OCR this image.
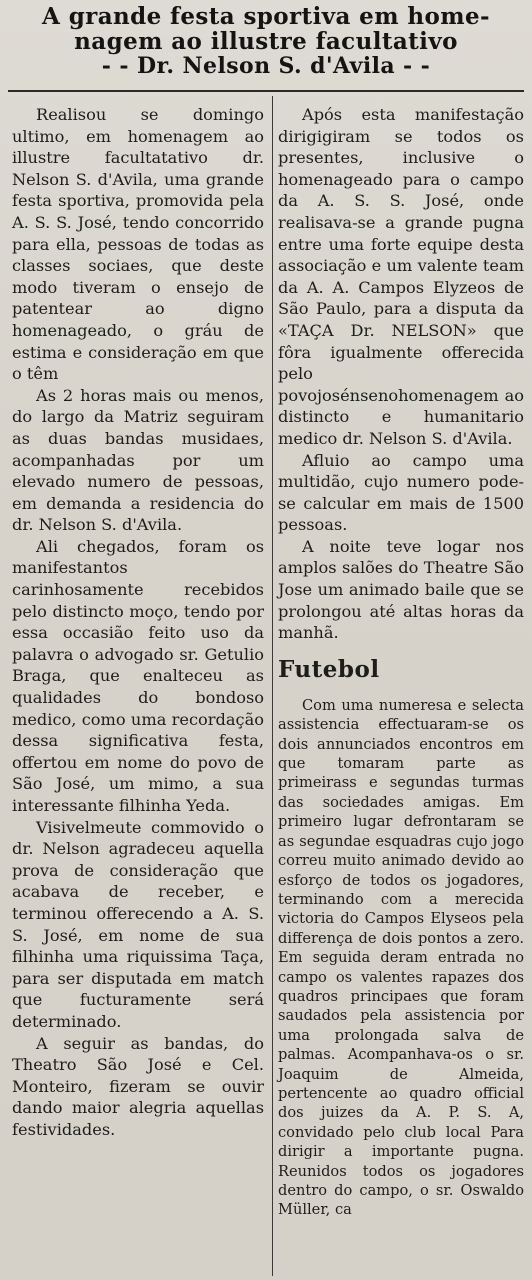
A grande festa sportiva em home-
nagem ao illustre facultativo

- - Dr. Nelson S. d'Avila - -

Realisou se domingo ultimo, em homenagem ao illustre facultatativo dr. Nelson S. d'Avila, uma grande festa sportiva, promovida pela A. S. S. José, tendo concorrido para ella, pessoas de todas as classes sociaes, que deste modo tiveram o ensejo de patentear ao digno homenageado, o gráu de estima e consideração em que o têm

As 2 horas mais ou menos, do largo da Matriz seguiram as duas bandas musidaes, acompanhadas por um elevado numero de pessoas, em demanda a residencia do dr. Nelson S. d'Avila.

Ali chegados, foram os manifestantos carinhosamente recebidos pelo distincto moço, tendo por essa occasião feito uso da palavra o advogado sr. Getulio Braga, que enalteceu as qualidades do bondoso medico, como uma recordação dessa significativa festa, offertou em nome do povo de São José, um mimo, a sua interessante filhinha Yeda.

Visivelmeute commovido o dr. Nelson agradeceu aquella prova de consideração que acabava de receber, e terminou offerecendo a A. S. S. José, em nome de sua filhinha uma riquissima Taça, para ser disputada em match que fucturamente será determinado.

A seguir as bandas, do Theatro São José e Cel. Monteiro, fizeram se ouvir dando maior alegria aquellas festividades.

Após esta manifestação dirigigiram se todos os presentes, inclusive o homenageado para o campo da A. S. S. José, onde realisava-se a grande pugna entre uma forte equipe desta associação e um valente team da A. A. Campos Elyzeos de São Paulo, para a disputa da «TAÇA Dr. NELSON» que fôra igualmente offerecida pelo povojosénsenohomenagem ao distincto e humanitario medico dr. Nelson S. d'Avila.

Afluio ao campo uma multidão, cujo numero pode-se calcular em mais de 1500 pessoas.

A noite teve logar nos amplos salões do Theatre São Jose um animado baile que se prolongou até altas horas da manhã.

Futebol

Com uma numeresa e selecta assistencia effectuaram-se os dois annunciados encontros em que tomaram parte as primeirass e segundas turmas das sociedades amigas. Em primeiro lugar defrontaram se as segundae esquadras cujo jogo correu muito animado devido ao esforço de todos os jogadores, terminando com a merecida victoria do Campos Elyseos pela differença de dois pontos a zero. Em seguida deram entrada no campo os valentes rapazes dos quadros principaes que foram saudados pela assistencia por uma prolongada salva de palmas. Acompanhava-os o sr. Joaquim de Almeida, pertencente ao quadro official dos juizes da A. P. S. A, convidado pelo club local Para dirigir a importante pugna. Reunidos todos os jogadores dentro do campo, o sr. Oswaldo Müller, ca
